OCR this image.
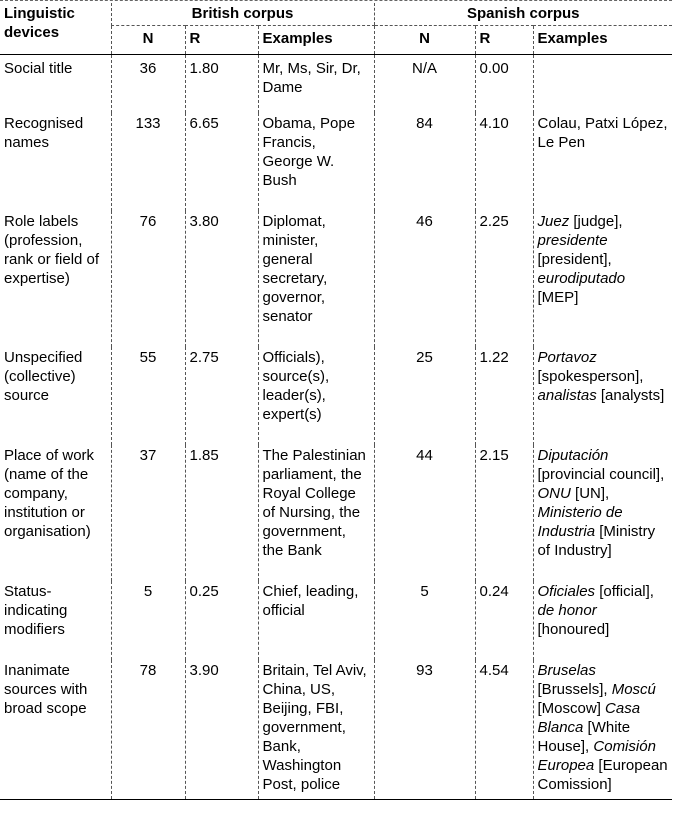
Linguistic devices	British corpus			Spanish corpus		
	N	R	Examples	N	R	Examples
Social title	36	1.80	Mr, Ms, Sir, Dr, Dame	N/A	0.00	
Recognised names	133	6.65	Obama, Pope Francis, George W. Bush	84	4.10	Colau, Patxi López, Le Pen
Role labels (profession, rank or field of expertise)	76	3.80	Diplomat, minister, general secretary, governor, senator	46	2.25	Juez [judge], presidente [president], eurodiputado [MEP]
Unspecified (collective) source	55	2.75	Officials), source(s), leader(s), expert(s)	25	1.22	Portavoz [spokesperson], analistas [analysts]
Place of work (name of the company, institution or organisation)	37	1.85	The Palestinian parliament, the Royal College of Nursing, the government, the Bank	44	2.15	Diputación [provincial council], ONU [UN], Ministerio de Industria [Ministry of Industry]
Status-indicating modifiers	5	0.25	Chief, leading, official	5	0.24	Oficiales [official], de honor [honoured]
Inanimate sources with broad scope	78	3.90	Britain, Tel Aviv, China, US, Beijing, FBI, government, Bank, Washington Post, police	93	4.54	Bruselas [Brussels], Moscú [Moscow] Casa Blanca [White House], Comisión Europea [European Comission]
